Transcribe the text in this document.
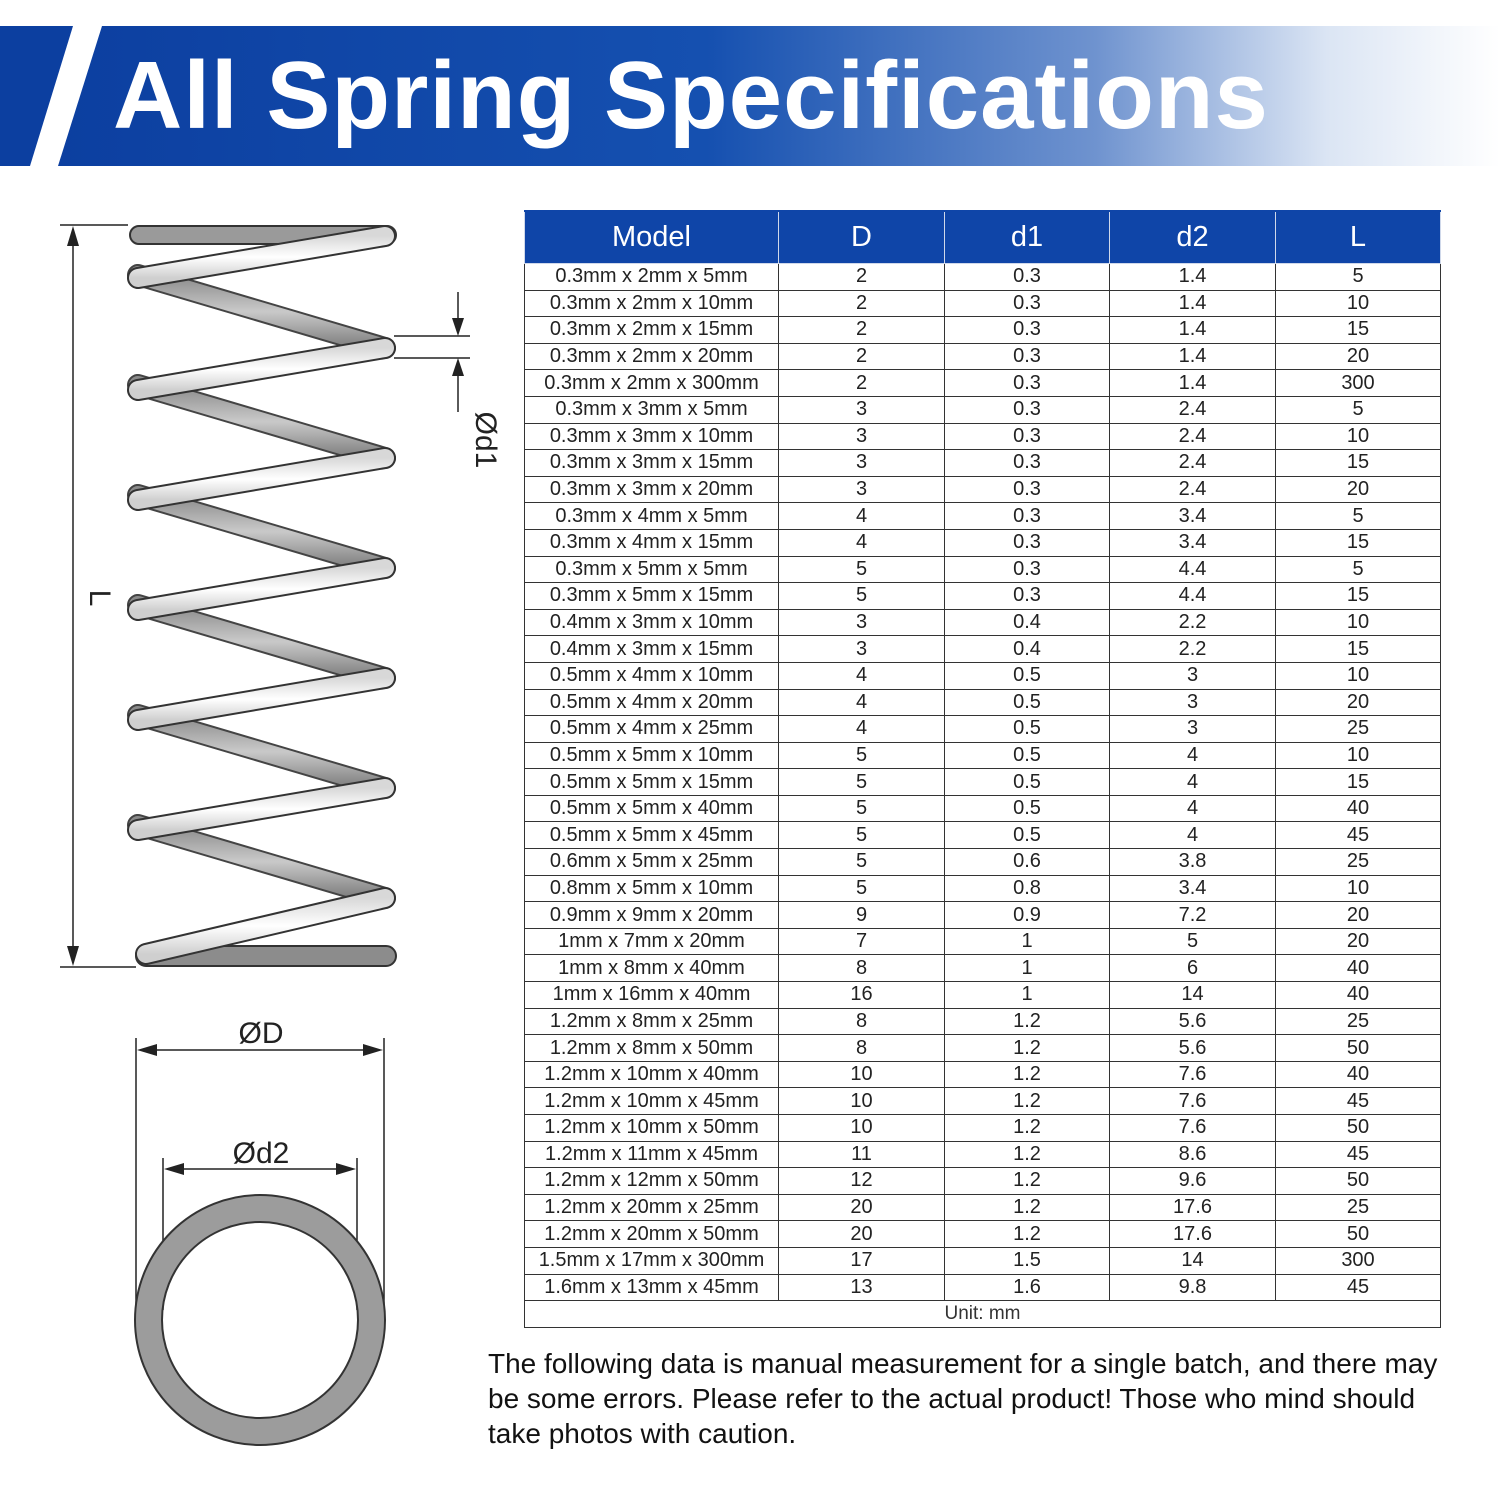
All Spring Specifications
L
Ød1
ØD
Ød2
Model	D	d1	d2	L
0.3mm x 2mm x 5mm	2	0.3	1.4	5
0.3mm x 2mm x 10mm	2	0.3	1.4	10
0.3mm x 2mm x 15mm	2	0.3	1.4	15
0.3mm x 2mm x 20mm	2	0.3	1.4	20
0.3mm x 2mm x 300mm	2	0.3	1.4	300
0.3mm x 3mm x 5mm	3	0.3	2.4	5
0.3mm x 3mm x 10mm	3	0.3	2.4	10
0.3mm x 3mm x 15mm	3	0.3	2.4	15
0.3mm x 3mm x 20mm	3	0.3	2.4	20
0.3mm x 4mm x 5mm	4	0.3	3.4	5
0.3mm x 4mm x 15mm	4	0.3	3.4	15
0.3mm x 5mm x 5mm	5	0.3	4.4	5
0.3mm x 5mm x 15mm	5	0.3	4.4	15
0.4mm x 3mm x 10mm	3	0.4	2.2	10
0.4mm x 3mm x 15mm	3	0.4	2.2	15
0.5mm x 4mm x 10mm	4	0.5	3	10
0.5mm x 4mm x 20mm	4	0.5	3	20
0.5mm x 4mm x 25mm	4	0.5	3	25
0.5mm x 5mm x 10mm	5	0.5	4	10
0.5mm x 5mm x 15mm	5	0.5	4	15
0.5mm x 5mm x 40mm	5	0.5	4	40
0.5mm x 5mm x 45mm	5	0.5	4	45
0.6mm x 5mm x 25mm	5	0.6	3.8	25
0.8mm x 5mm x 10mm	5	0.8	3.4	10
0.9mm x 9mm x 20mm	9	0.9	7.2	20
1mm x 7mm x 20mm	7	1	5	20
1mm x 8mm x 40mm	8	1	6	40
1mm x 16mm x 40mm	16	1	14	40
1.2mm x 8mm x 25mm	8	1.2	5.6	25
1.2mm x 8mm x 50mm	8	1.2	5.6	50
1.2mm x 10mm x 40mm	10	1.2	7.6	40
1.2mm x 10mm x 45mm	10	1.2	7.6	45
1.2mm x 10mm x 50mm	10	1.2	7.6	50
1.2mm x 11mm x 45mm	11	1.2	8.6	45
1.2mm x 12mm x 50mm	12	1.2	9.6	50
1.2mm x 20mm x 25mm	20	1.2	17.6	25
1.2mm x 20mm x 50mm	20	1.2	17.6	50
1.5mm x 17mm x 300mm	17	1.5	14	300
1.6mm x 13mm x 45mm	13	1.6	9.8	45
Unit: mm				
The following data is manual measurement for a single batch, and there may be some errors. Please refer to the actual product! Those who mind should take photos with caution.
